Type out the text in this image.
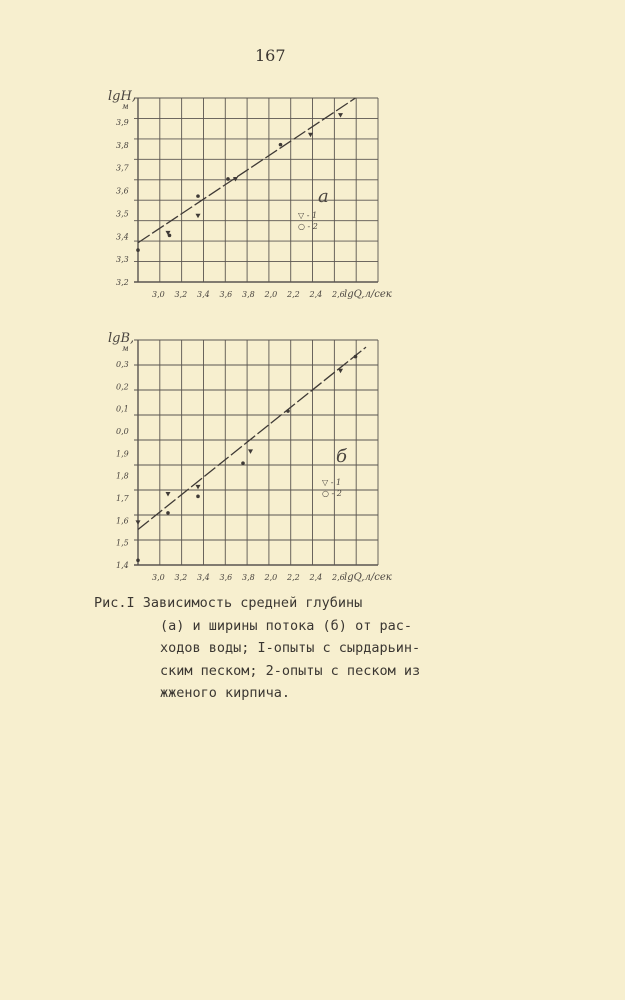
167
3,9
3,8
3,7
3,6
3,5
3,4
3,3
3,2
3,0 3,2 3,4 3,6 3,8 2,0 2,2 2,4 2,6
lgH,
м
lgQ,л/сек
a
▽ - 1
○ - 2
0,3
0,2
0,1
0,0
1,9
1,8
1,7
1,6
1,5
1,4
3,0 3,2 3,4 3,6 3,8 2,0 2,2 2,4 2,6
lgB,
м
lgQ,л/сек
б
▽ - 1
○ - 2
Рис.I Зависимость средней глубины
(а) и ширины потока (б) от рас-
ходов воды; I-опыты с сырдарьин-
ским песком; 2-опыты с песком из
жженого кирпича.
